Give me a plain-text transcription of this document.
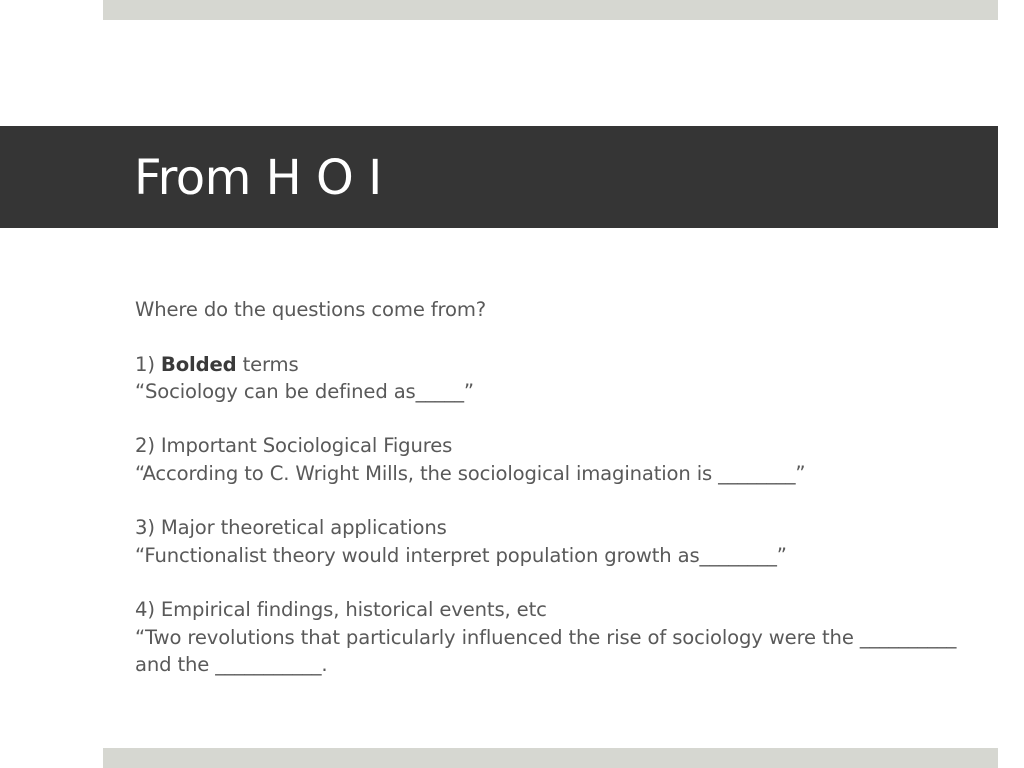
From H O I
Where do the questions come from?
1) Bolded terms
“Sociology can be defined as_____”
2) Important Sociological Figures
“According to C. Wright Mills, the sociological imagination is ________”
3) Major theoretical applications
“Functionalist theory would interpret population growth as________”
4) Empirical findings, historical events, etc
“Two revolutions that particularly influenced the rise of sociology were the __________ and the ___________.
